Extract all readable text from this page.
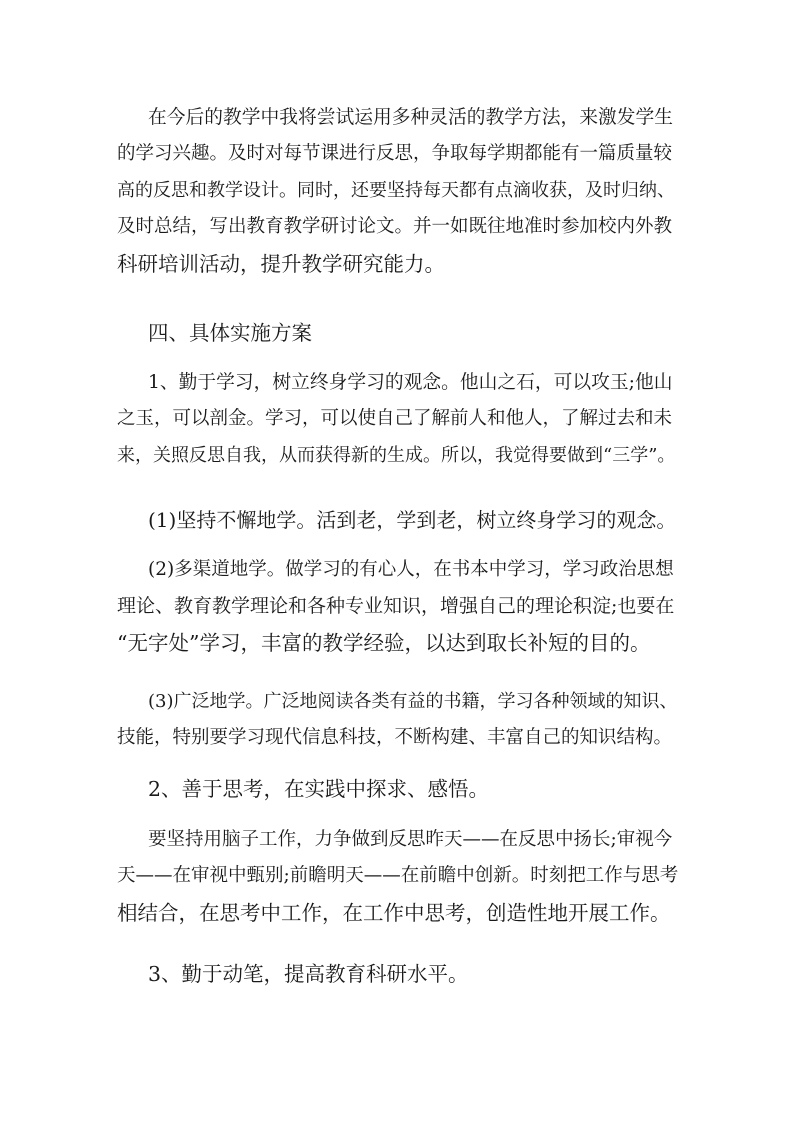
在今后的教学中我将尝试运用多种灵活的教学方法，来激发学生
的学习兴趣。及时对每节课进行反思，争取每学期都能有一篇质量较
高的反思和教学设计。同时，还要坚持每天都有点滴收获，及时归纳、
及时总结，写出教育教学研讨论文。并一如既往地准时参加校内外教
科研培训活动，提升教学研究能力。
四、具体实施方案
1、勤于学习，树立终身学习的观念。他山之石，可以攻玉;他山
之玉，可以剖金。学习，可以使自己了解前人和他人，了解过去和未
来，关照反思自我，从而获得新的生成。所以，我觉得要做到“三学”。
(1)坚持不懈地学。活到老，学到老，树立终身学习的观念。
(2)多渠道地学。做学习的有心人，在书本中学习，学习政治思想
理论、教育教学理论和各种专业知识，增强自己的理论积淀;也要在
“无字处”学习，丰富的教学经验，以达到取长补短的目的。
(3)广泛地学。广泛地阅读各类有益的书籍，学习各种领域的知识、
技能，特别要学习现代信息科技，不断构建、丰富自己的知识结构。
2、善于思考，在实践中探求、感悟。
要坚持用脑子工作，力争做到反思昨天——在反思中扬长;审视今
天——在审视中甄别;前瞻明天——在前瞻中创新。时刻把工作与思考
相结合，在思考中工作，在工作中思考，创造性地开展工作。
3、勤于动笔，提高教育科研水平。
